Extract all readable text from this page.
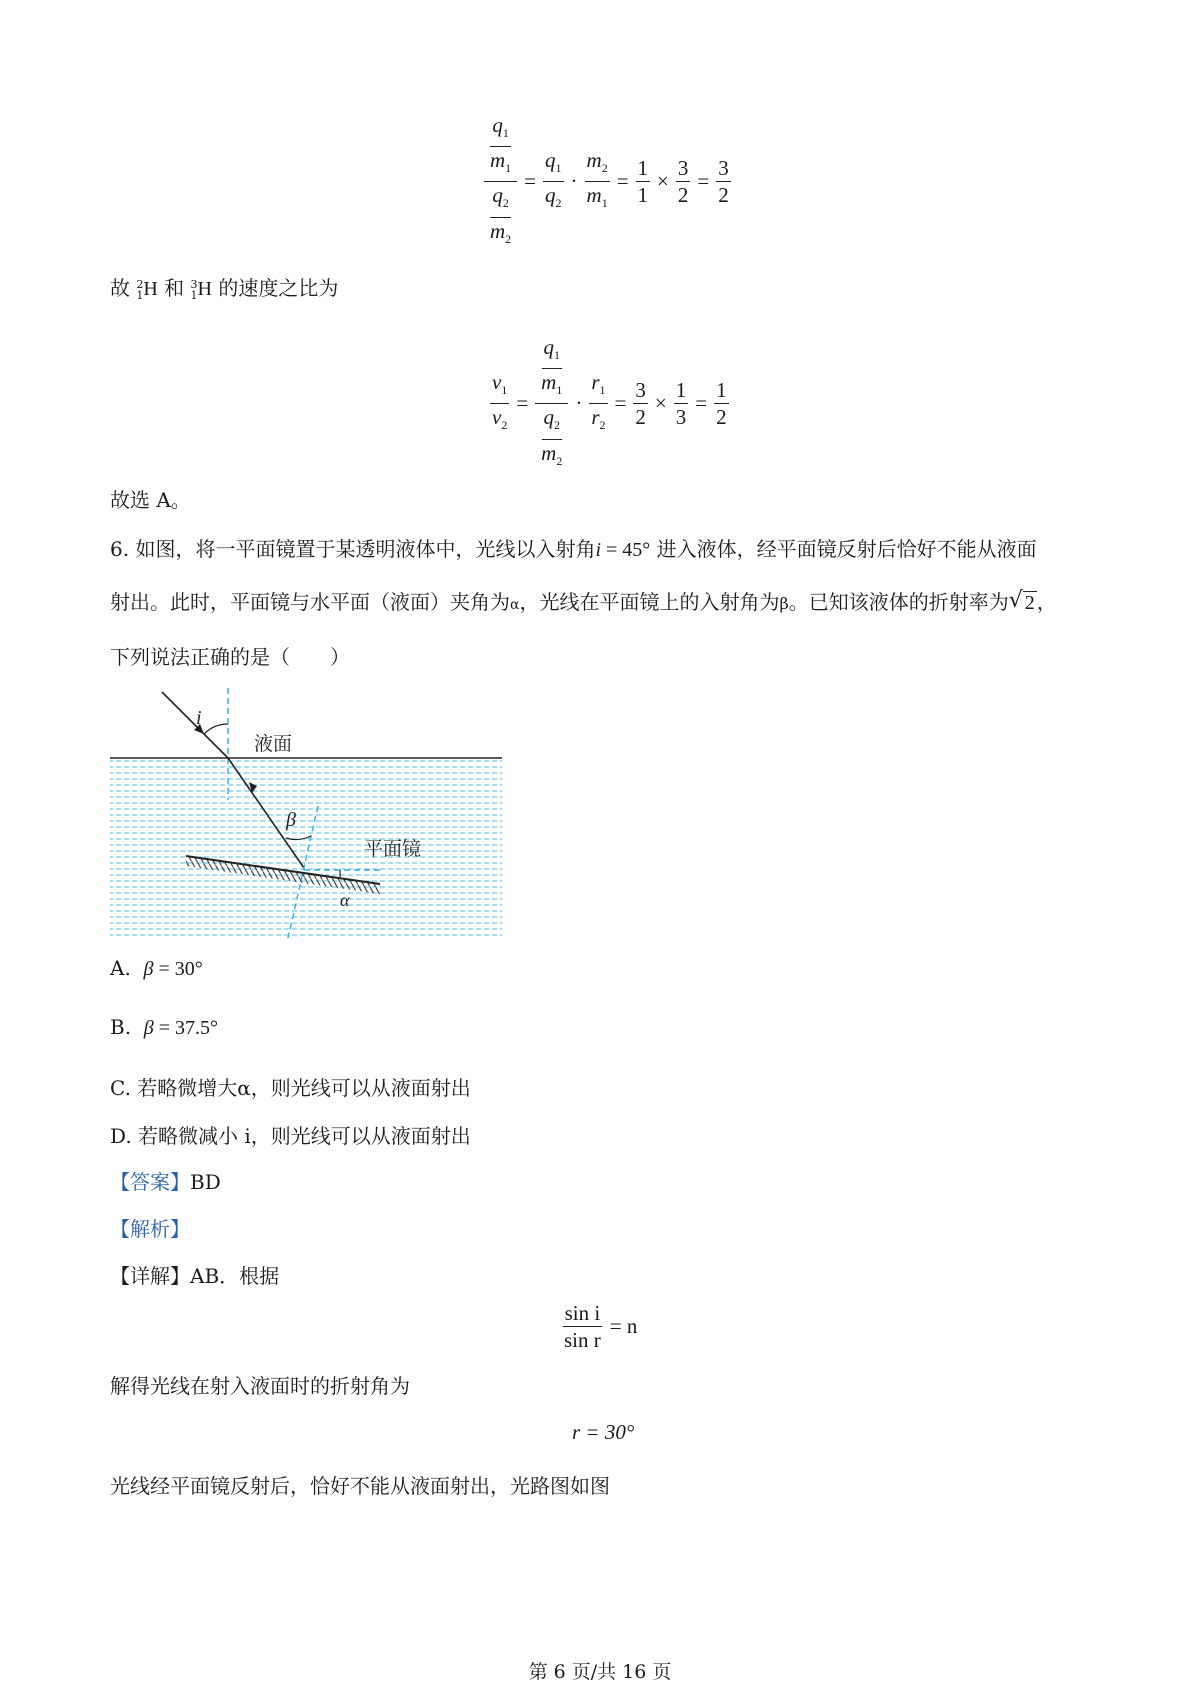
$\frac{\frac{q_1}{m_1}}{\frac{q_2}{m_2}} = \frac{q_1}{q_2} \cdot \frac{m_2}{m_1} = \frac{1}{1} \times \frac{3}{2} = \frac{3}{2}$
故 2
1 H 和 3
1 H 的速度之比为
$\frac{v_1}{v_2} = \frac{\frac{q_1}{m_1}}{\frac{q_2}{m_2}} \cdot \frac{r_1}{r_2} = \frac{3}{2} \times \frac{1}{3} = \frac{1}{2}$
故选 A。
6. 如图，将一平面镜置于某透明液体中，光线以入射角i = 45° 进入液体，经平面镜反射后恰好不能从液面
射出。此时，平面镜与水平面（液面）夹角为α，光线在平面镜上的入射角为β。已知该液体的折射率为 √ 2 ，
下列说法正确的是（　　）
i
液面
β
平面镜
α
A. β = 30°
B. β = 37.5°
C. 若略微增大α，则光线可以从液面射出
D. 若略微减小 i，则光线可以从液面射出
【答案】BD
【解析】
【详解】AB．根据
$\frac{\text{sin i}}{\text{sin r}} = n$
解得光线在射入液面时的折射角为
r = 30°
光线经平面镜反射后，恰好不能从液面射出，光路图如图
第 6 页/共 16 页
